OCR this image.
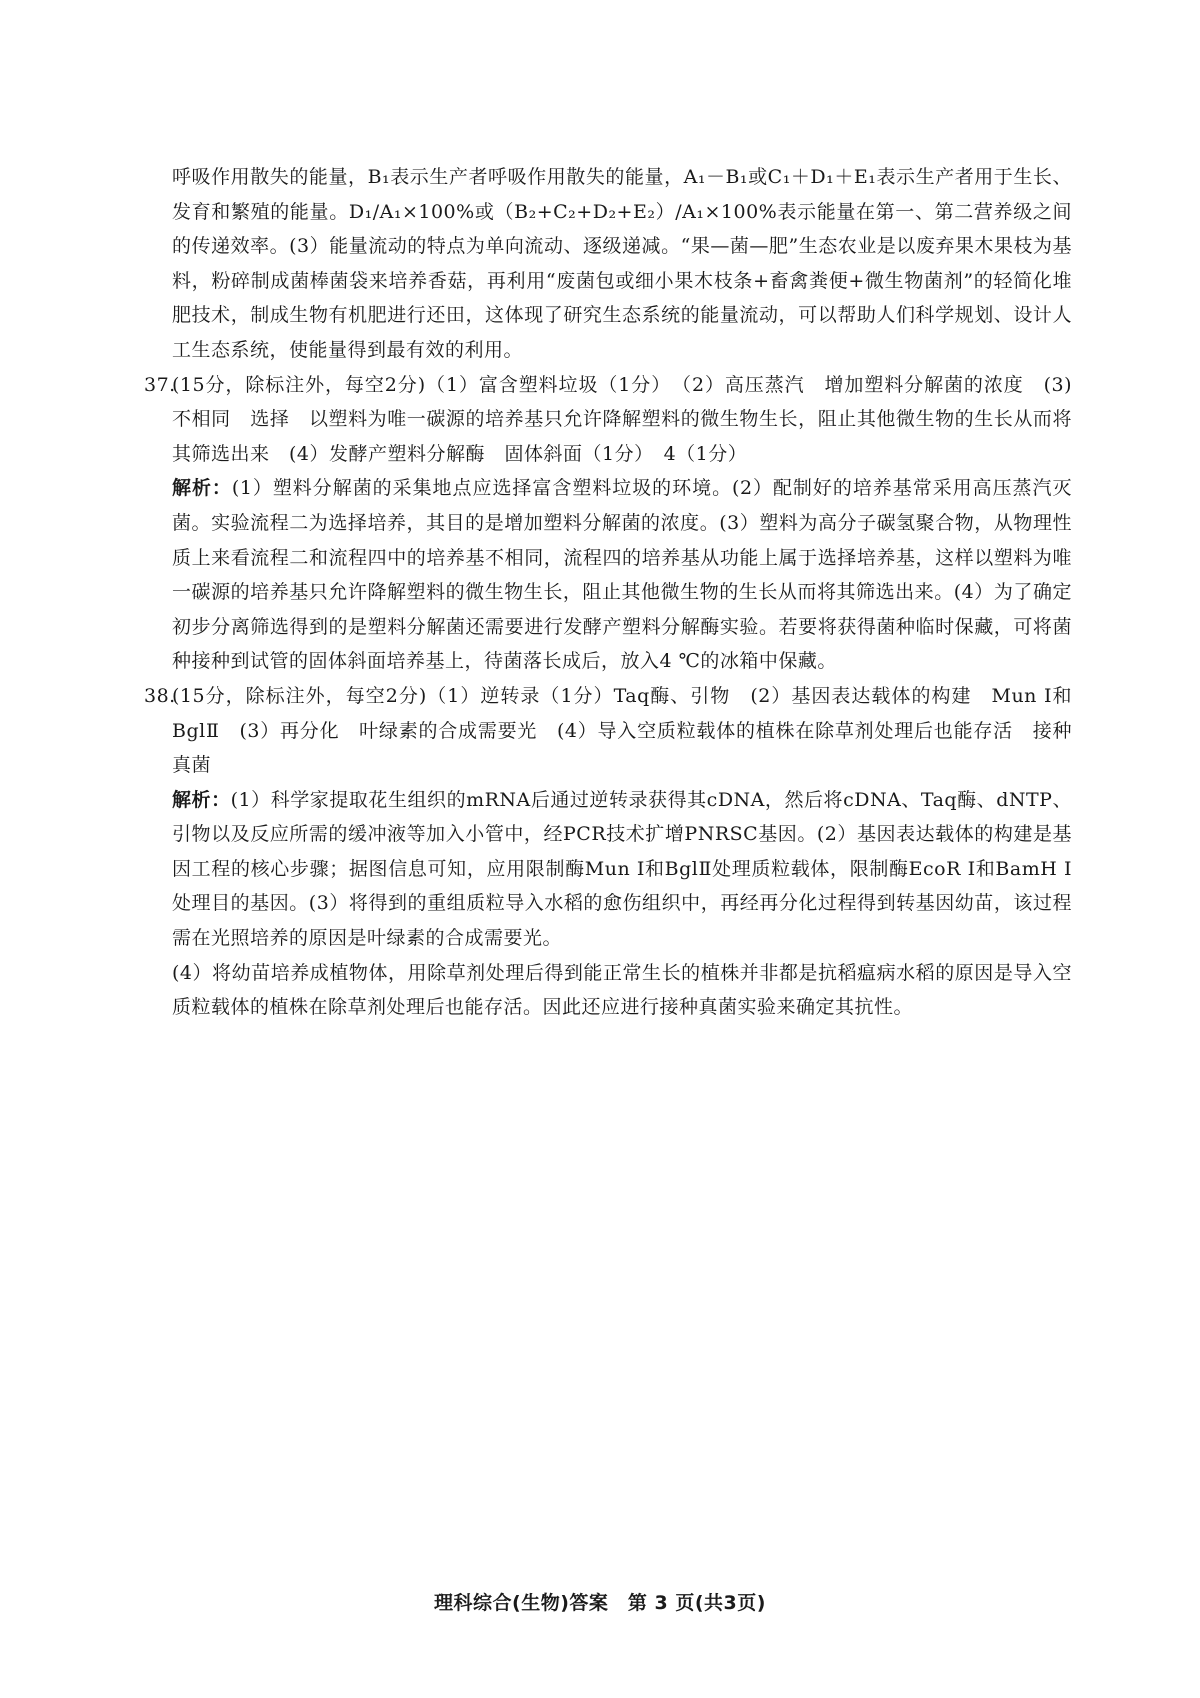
呼吸作用散失的能量，B₁表示生产者呼吸作用散失的能量，A₁－B₁或C₁＋D₁＋E₁表示生产者用于生长、发育和繁殖的能量。D₁/A₁×100%或（B₂+C₂+D₂+E₂）/A₁×100%表示能量在第一、第二营养级之间的传递效率。(3）能量流动的特点为单向流动、逐级递减。“果—菌—肥”生态农业是以废弃果木果枝为基料，粉碎制成菌棒菌袋来培养香菇，再利用“废菌包或细小果木枝条+畜禽粪便+微生物菌剂”的轻简化堆肥技术，制成生物有机肥进行还田，这体现了研究生态系统的能量流动，可以帮助人们科学规划、设计人工生态系统，使能量得到最有效的利用。

37.
(15分，除标注外，每空2分)（1）富含塑料垃圾（1分）　（2）高压蒸汽　增加塑料分解菌的浓度　(3)　不相同　选择　以塑料为唯一碳源的培养基只允许降解塑料的微生物生长，阻止其他微生物的生长从而将其筛选出来　(4）发酵产塑料分解酶　固体斜面（1分）　4（1分）

解析：(1）塑料分解菌的采集地点应选择富含塑料垃圾的环境。(2）配制好的培养基常采用高压蒸汽灭菌。实验流程二为选择培养，其目的是增加塑料分解菌的浓度。(3）塑料为高分子碳氢聚合物，从物理性质上来看流程二和流程四中的培养基不相同，流程四的培养基从功能上属于选择培养基，这样以塑料为唯一碳源的培养基只允许降解塑料的微生物生长，阻止其他微生物的生长从而将其筛选出来。(4）为了确定初步分离筛选得到的是塑料分解菌还需要进行发酵产塑料分解酶实验。若要将获得菌种临时保藏，可将菌种接种到试管的固体斜面培养基上，待菌落长成后，放入4 ℃的冰箱中保藏。

38.
(15分，除标注外，每空2分)（1）逆转录（1分）Taq酶、引物　(2）基因表达载体的构建　Mun I和BglⅡ　(3）再分化　叶绿素的合成需要光　(4）导入空质粒载体的植株在除草剂处理后也能存活　接种真菌

解析：(1）科学家提取花生组织的mRNA后通过逆转录获得其cDNA，然后将cDNA、Taq酶、dNTP、引物以及反应所需的缓冲液等加入小管中，经PCR技术扩增PNRSC基因。(2）基因表达载体的构建是基因工程的核心步骤；据图信息可知，应用限制酶Mun I和BglⅡ处理质粒载体，限制酶EcoR I和BamH I处理目的基因。(3）将得到的重组质粒导入水稻的愈伤组织中，再经再分化过程得到转基因幼苗，该过程需在光照培养的原因是叶绿素的合成需要光。

(4）将幼苗培养成植物体，用除草剂处理后得到能正常生长的植株并非都是抗稻瘟病水稻的原因是导入空质粒载体的植株在除草剂处理后也能存活。因此还应进行接种真菌实验来确定其抗性。

理科综合(生物)答案　第 3 页(共3页)
